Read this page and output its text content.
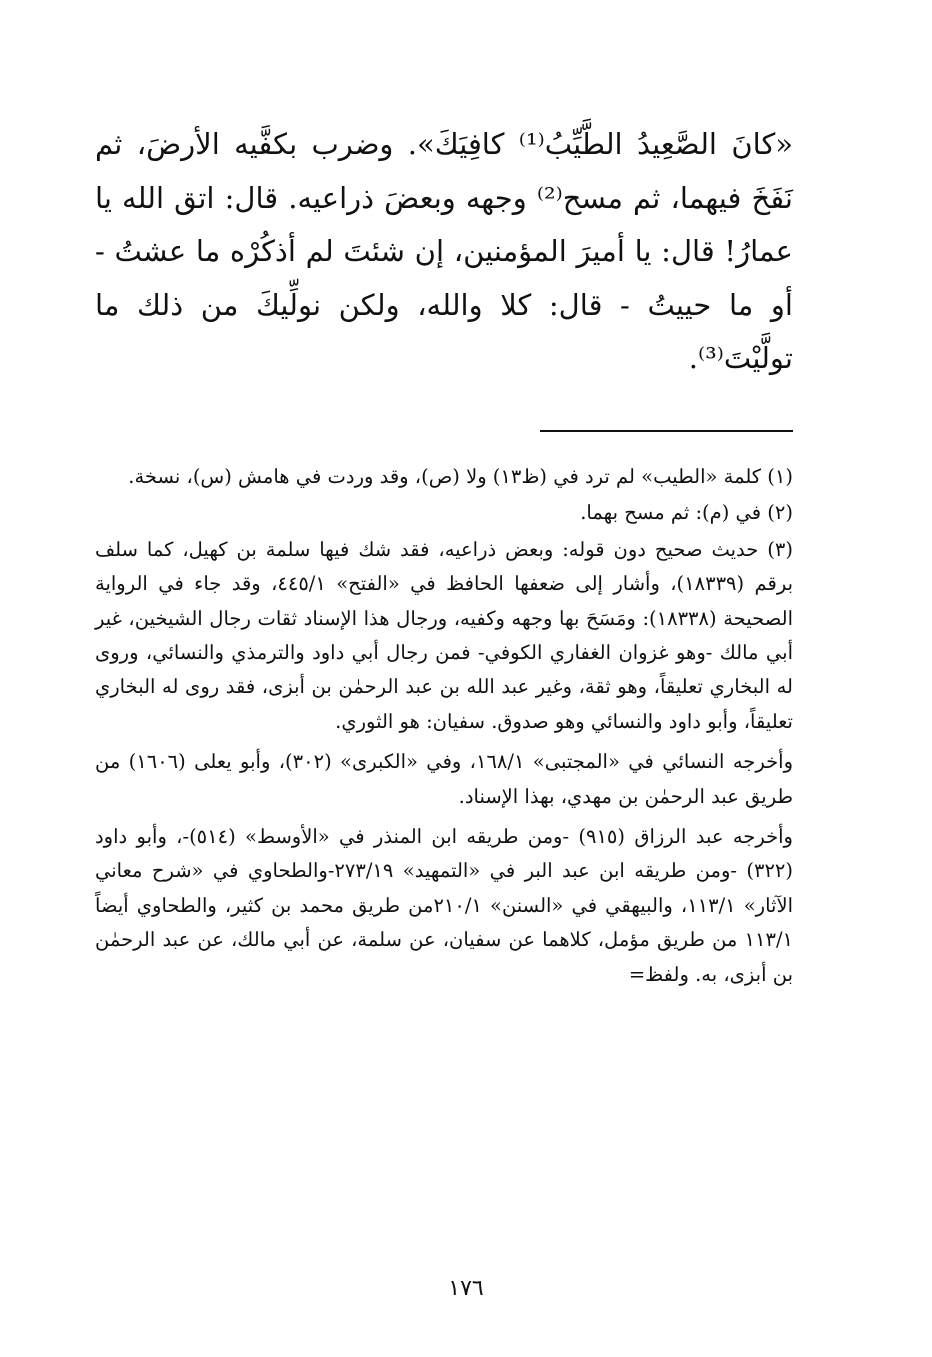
«كانَ الصَّعِيدُ الطَّيِّبُ⁽¹⁾ كافِيَكَ». وضرب بكفَّيه الأرضَ، ثم نَفَخَ فيهما، ثم مسح⁽²⁾ وجهه وبعضَ ذراعيه. قال: اتق الله يا عمارُ! قال: يا أميرَ المؤمنين، إن شئتَ لم أذكُرْه ما عشتُ - أو ما حييتُ - قال: كلا والله، ولكن نولِّيكَ من ذلك ما تولَّيْتَ⁽³⁾.

(١) كلمة «الطيب» لم ترد في (ظ١٣) ولا (ص)، وقد وردت في هامش (س)، نسخة.

(٢) في (م): ثم مسح بهما.

(٣) حديث صحيح دون قوله: وبعض ذراعيه، فقد شك فيها سلمة بن كهيل، كما سلف برقم (١٨٣٣٩)، وأشار إلى ضعفها الحافظ في «الفتح» ٤٤٥/١، وقد جاء في الرواية الصحيحة (١٨٣٣٨): ومَسَحَ بها وجهه وكفيه، ورجال هذا الإسناد ثقات رجال الشيخين، غير أبي مالك -وهو غزوان الغفاري الكوفي- فمن رجال أبي داود والترمذي والنسائي، وروى له البخاري تعليقاً، وهو ثقة، وغير عبد الله بن عبد الرحمٰن بن أبزى، فقد روى له البخاري تعليقاً، وأبو داود والنسائي وهو صدوق. سفيان: هو الثوري.

وأخرجه النسائي في «المجتبى» ١٦٨/١، وفي «الكبرى» (٣٠٢)، وأبو يعلى (١٦٠٦) من طريق عبد الرحمٰن بن مهدي، بهذا الإسناد.

وأخرجه عبد الرزاق (٩١٥) -ومن طريقه ابن المنذر في «الأوسط» (٥١٤)-، وأبو داود (٣٢٢) -ومن طريقه ابن عبد البر في «التمهيد» ٢٧٣/١٩-والطحاوي في «شرح معاني الآثار» ١١٣/١، والبيهقي في «السنن» ٢١٠/١من طريق محمد بن كثير، والطحاوي أيضاً ١١٣/١ من طريق مؤمل، كلاهما عن سفيان، عن سلمة، عن أبي مالك، عن عبد الرحمٰن بن أبزى، به. ولفظ=

١٧٦
